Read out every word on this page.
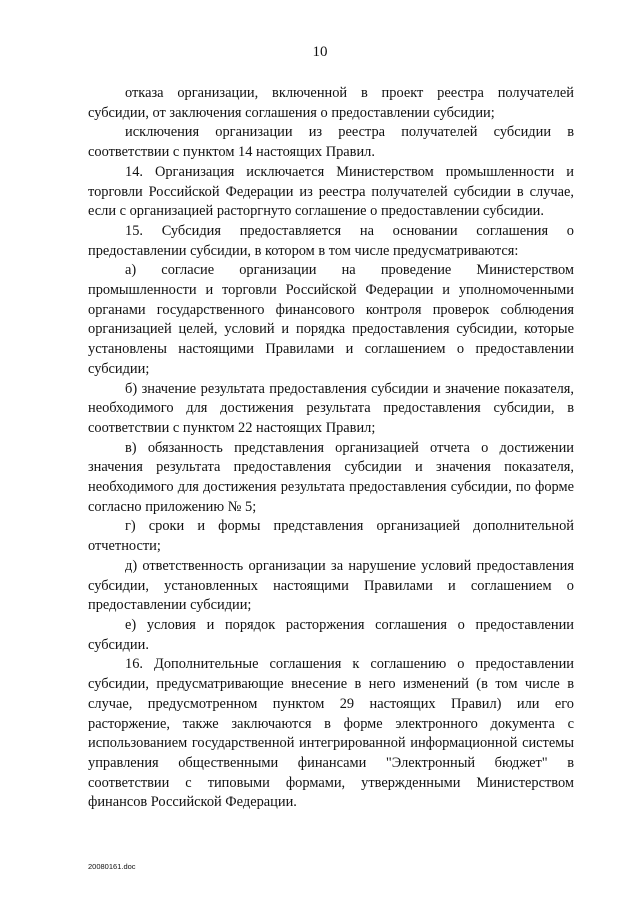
10

отказа организации, включенной в проект реестра получателей субсидии, от заключения соглашения о предоставлении субсидии;

исключения организации из реестра получателей субсидии в соответствии с пунктом 14 настоящих Правил.

14. Организация исключается Министерством промышленности и торговли Российской Федерации из реестра получателей субсидии в случае, если с организацией расторгнуто соглашение о предоставлении субсидии.

15. Субсидия предоставляется на основании соглашения о предоставлении субсидии, в котором в том числе предусматриваются:

а) согласие организации на проведение Министерством промышленности и торговли Российской Федерации и уполномоченными органами государственного финансового контроля проверок соблюдения организацией целей, условий и порядка предоставления субсидии, которые установлены настоящими Правилами и соглашением о предоставлении субсидии;

б) значение результата предоставления субсидии и значение показателя, необходимого для достижения результата предоставления субсидии, в соответствии с пунктом 22 настоящих Правил;

в) обязанность представления организацией отчета о достижении значения результата предоставления субсидии и значения показателя, необходимого для достижения результата предоставления субсидии, по форме согласно приложению № 5;

г) сроки и формы представления организацией дополнительной отчетности;

д) ответственность организации за нарушение условий предоставления субсидии, установленных настоящими Правилами и соглашением о предоставлении субсидии;

е) условия и порядок расторжения соглашения о предоставлении субсидии.

16. Дополнительные соглашения к соглашению о предоставлении субсидии, предусматривающие внесение в него изменений (в том числе в случае, предусмотренном пунктом 29 настоящих Правил) или его расторжение, также заключаются в форме электронного документа с использованием государственной интегрированной информационной системы управления общественными финансами "Электронный бюджет" в соответствии с типовыми формами, утвержденными Министерством финансов Российской Федерации.

20080161.doc
